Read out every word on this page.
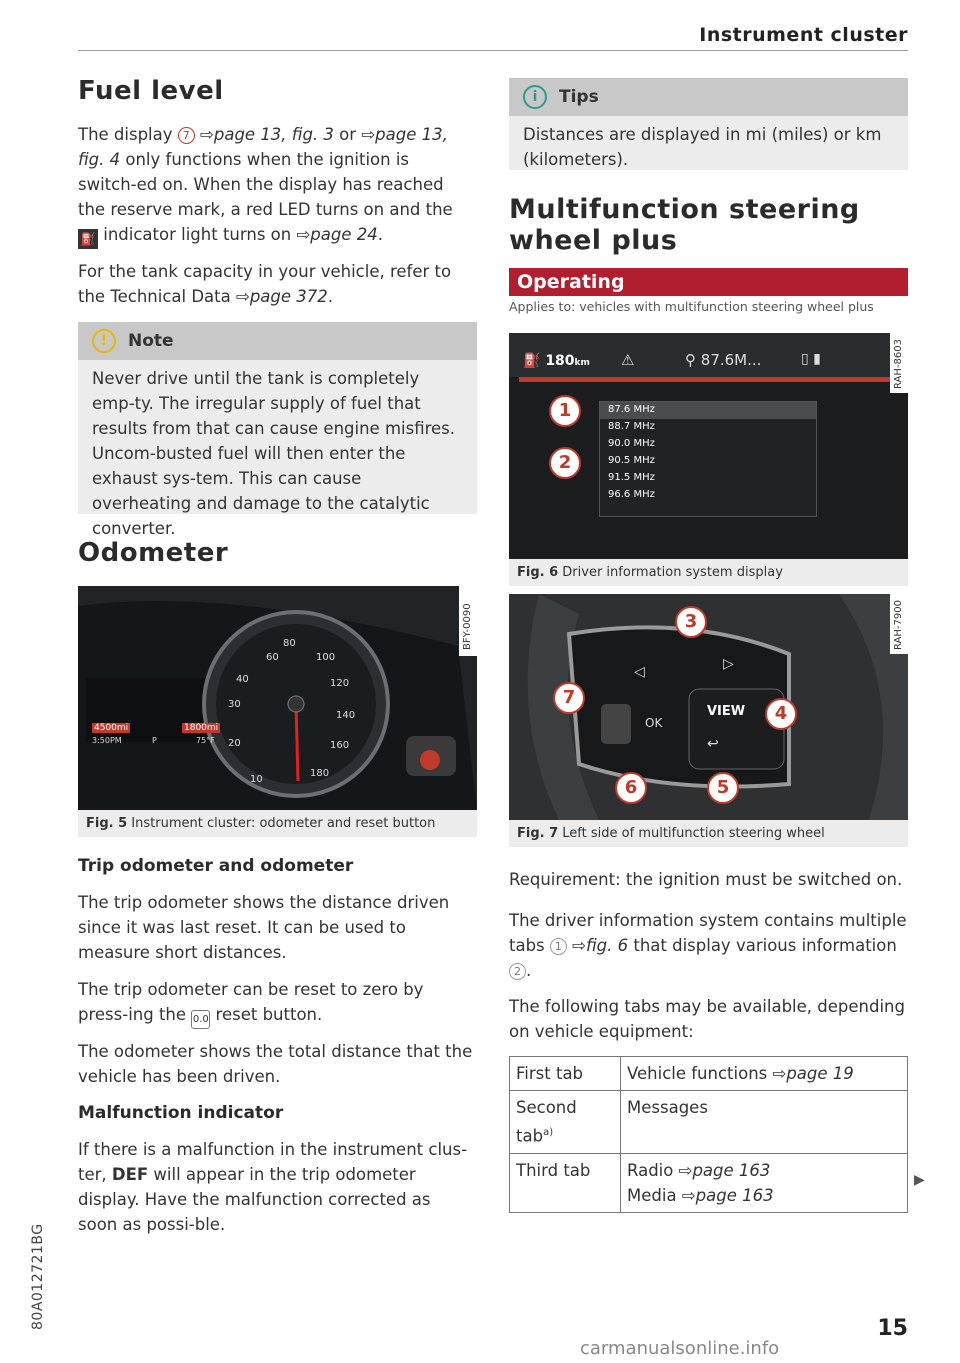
Instrument cluster
80A012721BG
Fuel level
The display 7 ⇨page 13, fig. 3 or ⇨page 13, fig. 4 only functions when the ignition is switch-ed on. When the display has reached the reserve mark, a red LED turns on and the ⛽ indicator light turns on ⇨page 24.
For the tank capacity in your vehicle, refer to the Technical Data ⇨page 372.
!	Note
Never drive until the tank is completely emp-ty. The irregular supply of fuel that results from that can cause engine misfires. Uncom-busted fuel will then enter the exhaust sys-tem. This can cause overheating and damage to the catalytic converter.
Odometer
10
20
30
40
60
80
100
120
140
160
180
4500mi	1800mi
3:50PM	P	75°F
BFY-0090
Fig. 5 Instrument cluster: odometer and reset button
Trip odometer and odometer
The trip odometer shows the distance driven since it was last reset. It can be used to measure short distances.
The trip odometer can be reset to zero by press-ing the 0.0 reset button.
The odometer shows the total distance that the vehicle has been driven.
Malfunction indicator
If there is a malfunction in the instrument clus-ter, DEF will appear in the trip odometer display. Have the malfunction corrected as soon as possi-ble.
i	Tips
Distances are displayed in mi (miles) or km (kilometers).
Multifunction steering
wheel plus
Operating
Applies to: vehicles with multifunction steering wheel plus
⛽ 180km ⚠	⚲ 87.6M...	▯ ▮
87.6 MHz
88.7 MHz
90.0 MHz
90.5 MHz
91.5 MHz
96.6 MHz
1
2
RAH-8603
Fig. 6 Driver information system display
◁	▷
VIEW
OK
↩
3
4
5
6
7
RAH-7900
Fig. 7 Left side of multifunction steering wheel
Requirement: the ignition must be switched on.
The driver information system contains multiple tabs 1 ⇨fig. 6 that display various information 2 .
The following tabs may be available, depending on vehicle equipment:
First tab	Vehicle functions ⇨page 19
Second tab$^{a)}$	Messages
Third tab	Radio ⇨page 163
Media ⇨page 163
▶
15
carmanualsonline.info
